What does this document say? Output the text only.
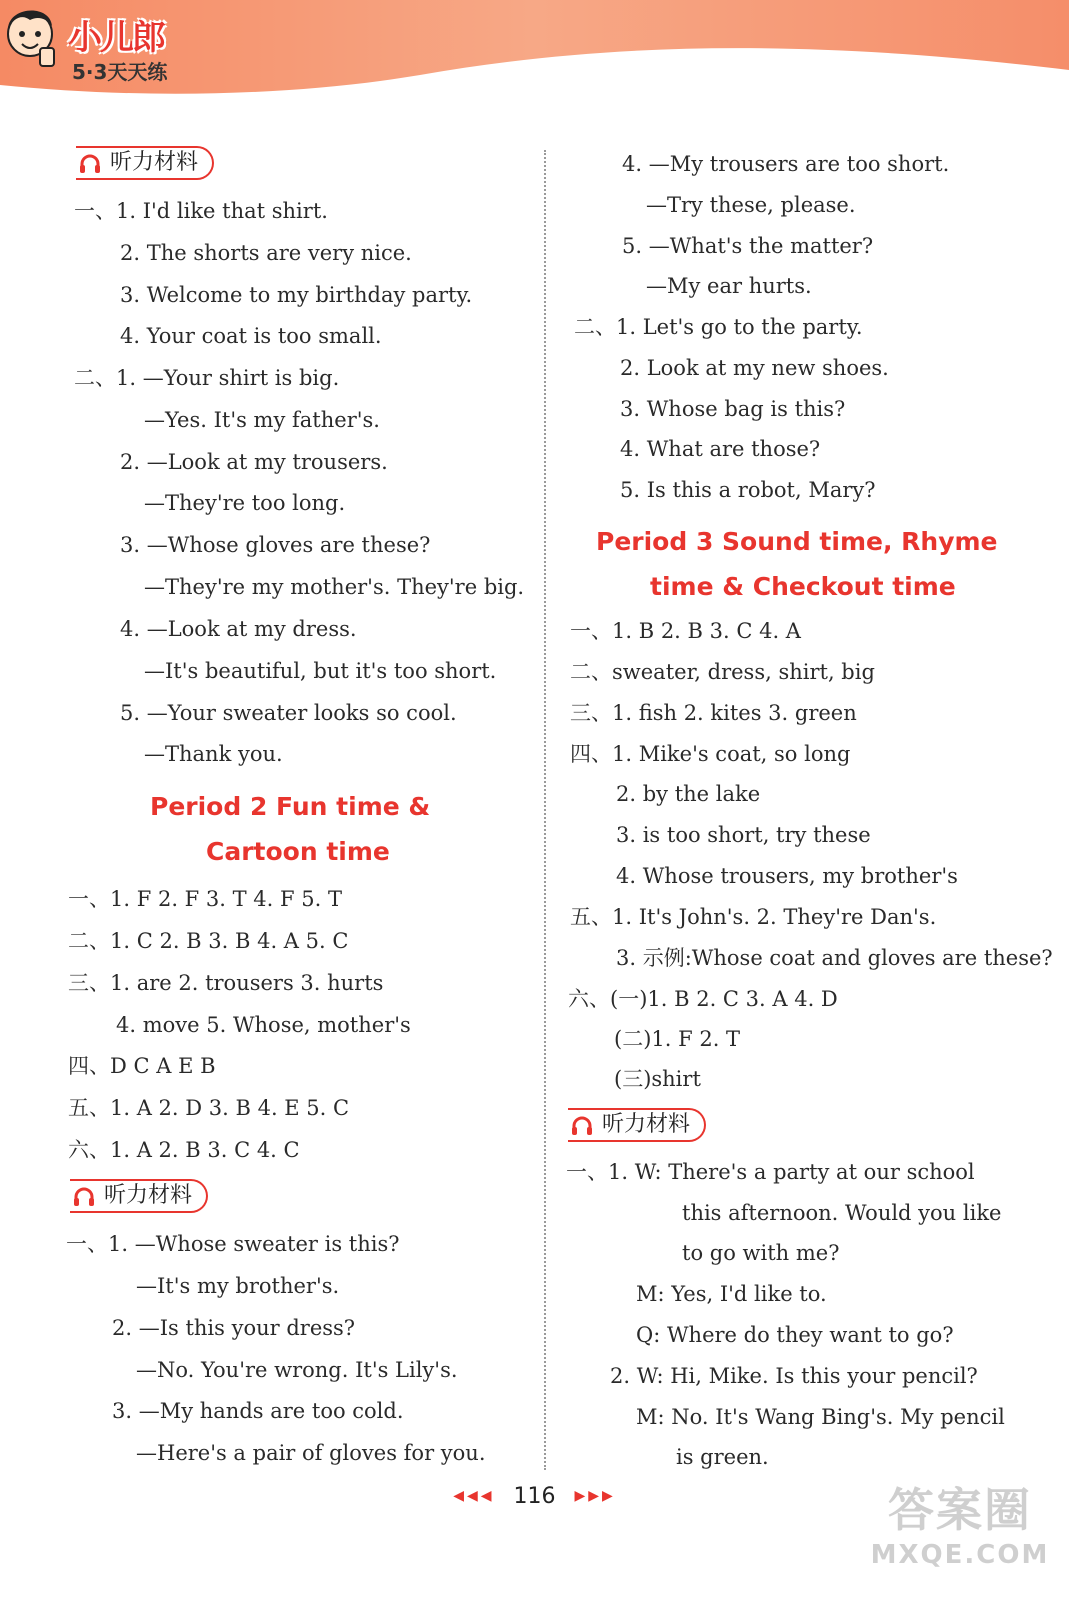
小儿郎
5·3天天练
听力材料
一、1. I'd like that shirt.
2. The shorts are very nice.
3. Welcome to my birthday party.
4. Your coat is too small.
二、1. —Your shirt is big.
—Yes. It's my father's.
2. —Look at my trousers.
—They're too long.
3. —Whose gloves are these?
—They're my mother's. They're big.
4. —Look at my dress.
—It's beautiful, but it's too short.
5. —Your sweater looks so cool.
—Thank you.
Period 2 Fun time &
Cartoon time
一、1. F 2. F 3. T 4. F 5. T
二、1. C 2. B 3. B 4. A 5. C
三、1. are 2. trousers 3. hurts
4. move 5. Whose, mother's
四、D C A E B
五、1. A 2. D 3. B 4. E 5. C
六、1. A 2. B 3. C 4. C
听力材料
一、1. —Whose sweater is this?
—It's my brother's.
2. —Is this your dress?
—No. You're wrong. It's Lily's.
3. —My hands are too cold.
—Here's a pair of gloves for you.
4. —My trousers are too short.
—Try these, please.
5. —What's the matter?
—My ear hurts.
二、1. Let's go to the party.
2. Look at my new shoes.
3. Whose bag is this?
4. What are those?
5. Is this a robot, Mary?
Period 3 Sound time, Rhyme
time & Checkout time
一、1. B 2. B 3. C 4. A
二、sweater, dress, shirt, big
三、1. fish 2. kites 3. green
四、1. Mike's coat, so long
2. by the lake
3. is too short, try these
4. Whose trousers, my brother's
五、1. It's John's. 2. They're Dan's.
3. 示例:Whose coat and gloves are these?
六、(一)1. B 2. C 3. A 4. D
(二)1. F 2. T
(三)shirt
听力材料
一、1. W: There's a party at our school
this afternoon. Would you like
to go with me?
M: Yes, I'd like to.
Q: Where do they want to go?
2. W: Hi, Mike. Is this your pencil?
M: No. It's Wang Bing's. My pencil
is green.
◀◀◀ 116 ▶▶▶	答案圈
MXQE.COM
